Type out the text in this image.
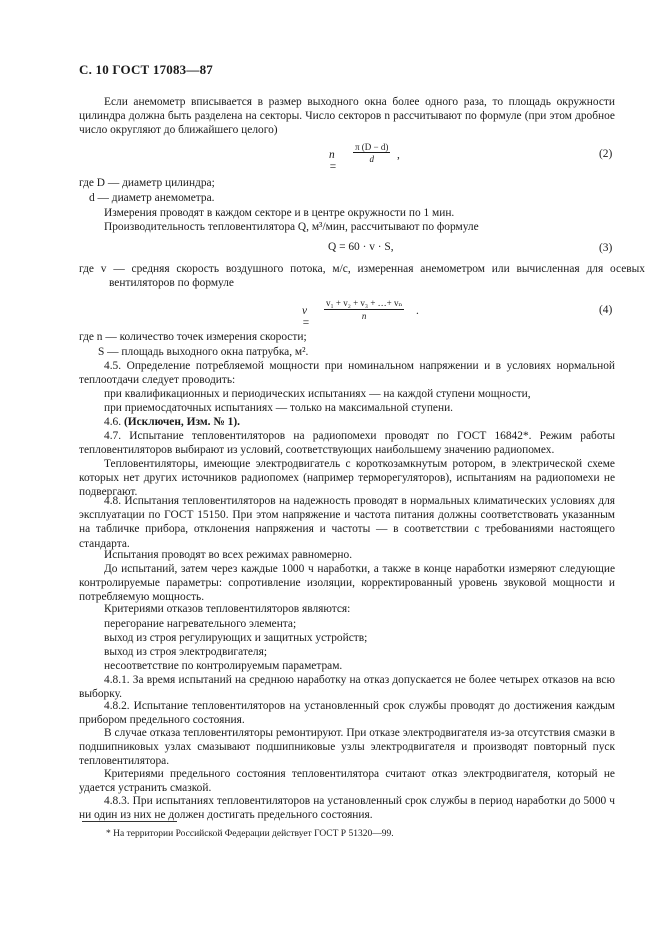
С. 10 ГОСТ 17083—87
Если анемометр вписывается в размер выходного окна более одного раза, то площадь окружности цилиндра должна быть разделена на секторы. Число секторов n рассчитывают по формуле (при этом дробное число округляют до ближайшего целого)
n =
$\frac{\pi (D - d)}{d}$ ,	(2)
где D — диаметр цилиндра;
d — диаметр анемометра.
Измерения проводят в каждом секторе и в центре окружности по 1 мин.
Производительность тепловентилятора Q, м³/мин, рассчитывают по формуле
Q = 60 · v · S,	(3)
где v — средняя скорость воздушного потока, м/с, измеренная анемометром или вычисленная для осевых вентиляторов по формуле
v =
$\frac{\text{v₁ + v₂ + v₃ + …+ vₙ}}{n}$ .	(4)
где n — количество точек измерения скорости;
S — площадь выходного окна патрубка, м².
4.5. Определение потребляемой мощности при номинальном напряжении и в условиях нормальной теплоотдачи следует проводить:
при квалификационных и периодических испытаниях — на каждой ступени мощности,
при приемосдаточных испытаниях — только на максимальной ступени.
4.6. (Исключен, Изм. № 1).
4.7. Испытание тепловентиляторов на радиопомехи проводят по ГОСТ 16842*. Режим работы тепловентиляторов выбирают из условий, соответствующих наибольшему значению радиопомех.
Тепловентиляторы, имеющие электродвигатель с короткозамкнутым ротором, в электрической схеме которых нет других источников радиопомех (например терморегуляторов), испытаниям на радиопомехи не подвергают.
4.8. Испытания тепловентиляторов на надежность проводят в нормальных климатических условиях для эксплуатации по ГОСТ 15150. При этом напряжение и частота питания должны соответствовать указанным на табличке прибора, отклонения напряжения и частоты — в соответствии с требованиями настоящего стандарта.
Испытания проводят во всех режимах равномерно.
До испытаний, затем через каждые 1000 ч наработки, а также в конце наработки измеряют следующие контролируемые параметры: сопротивление изоляции, корректированный уровень звуковой мощности и потребляемую мощность.
Критериями отказов тепловентиляторов являются:
перегорание нагревательного элемента;
выход из строя регулирующих и защитных устройств;
выход из строя электродвигателя;
несоответствие по контролируемым параметрам.
4.8.1. За время испытаний на среднюю наработку на отказ допускается не более четырех отказов на всю выборку.
4.8.2. Испытание тепловентиляторов на установленный срок службы проводят до достижения каждым прибором предельного состояния.
В случае отказа тепловентиляторы ремонтируют. При отказе электродвигателя из-за отсутствия смазки в подшипниковых узлах смазывают подшипниковые узлы электродвигателя и производят повторный пуск тепловентилятора.
Критериями предельного состояния тепловентилятора считают отказ электродвигателя, который не удается устранить смазкой.
4.8.3. При испытаниях тепловентиляторов на установленный срок службы в период наработки до 5000 ч ни один из них не должен достигать предельного состояния.
* На территории Российской Федерации действует ГОСТ Р 51320—99.
